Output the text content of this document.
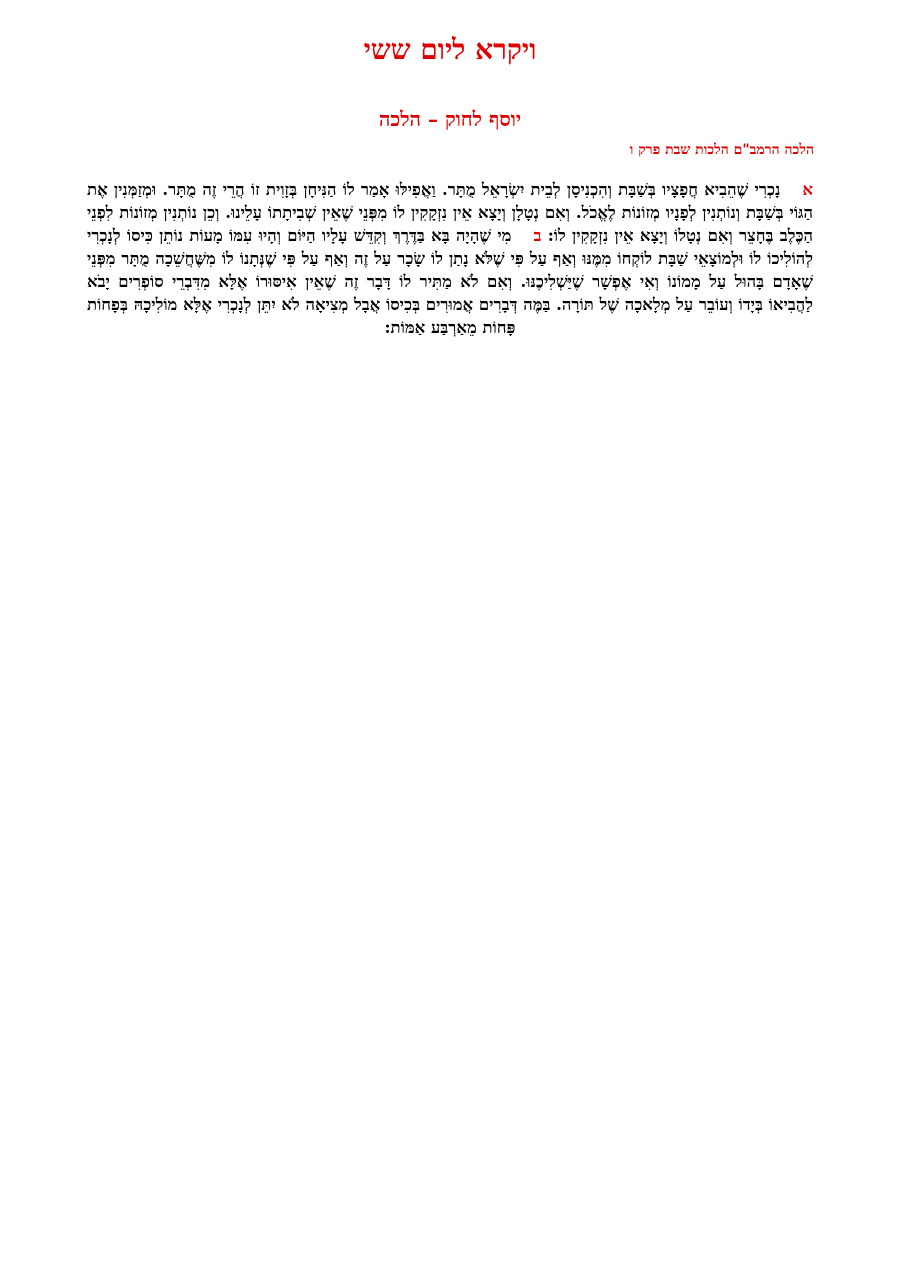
ויקרא ליום ששי
יוסף לחוק – הלכה
הלכה הרמב"ם הלכות שבת פרק ו

אנָכְרִי שֶׁהֵבִיא חֲפָצָיו בְּשַׁבָּת וְהִכְנִיסָן לְבֵית יִשְׂרָאֵל מֻתָּר. וַאֲפִילּוּ אָמַר לוֹ הַנִּיחָן בְּזָוִית זוֹ הֲרֵי זֶה מֻתָּר. וּמְזַמְּנִין אֶת הַגּוֹי בְּשַׁבָּת וְנוֹתְנִין לְפָנָיו מְזוֹנוֹת לֶאֱכֹל. וְאִם נְטָלָן וְיָצָא אֵין נִזְקָקִין לוֹ מִפְּנֵי שֶׁאֵין שְׁבִיתָתוֹ עָלֵינוּ. וְכֵן נוֹתְנִין מְזוֹנוֹת לִפְנֵי הַכֶּלֶב בֶּחָצֵר וְאִם נְטָלוֹ וְיָצָא אֵין נִזְקָקִין לוֹ: במִי שֶׁהָיָה בָּא בַּדֶּרֶךְ וְקִדֵּשׁ עָלָיו הַיּוֹם וְהָיוּ עִמּוֹ מָעוֹת נוֹתֵן כִּיסוֹ לְנָכְרִי לְהוֹלִיכוֹ לוֹ וּלְמוֹצָאֵי שַׁבָּת לוֹקְחוֹ מִמֶּנּוּ וְאַף עַל פִּי שֶׁלֹּא נָתַן לוֹ שָׂכָר עַל זֶה וְאַף עַל פִּי שֶׁנְּתָנוֹ לוֹ מִשֶּׁחֲשֵׁכָה מֻתָּר מִפְּנֵי שֶׁאָדָם בָּהוּל עַל מָמוֹנוֹ וְאִי אֶפְשָׁר שֶׁיַּשְׁלִיכֶנּוּ. וְאִם לֹא מַתִּיר לוֹ דָּבָר זֶה שֶׁאֵין אִיסּוּרוֹ אֶלָּא מִדִּבְרֵי סוֹפְרִים יָבֹא לַהֲבִיאוֹ בְּיָדוֹ וְעוֹבֵר עַל מְלָאכָה שֶׁל תּוֹרָה. בַּמֶּה דְּבָרִים אֲמוּרִים בְּכִיסוֹ אֲבָל מְצִיאָה לֹא יִתֵּן לְנָכְרִי אֶלָּא מוֹלִיכָהּ בְּפָחוֹת פָּחוֹת מֵאַרְבַּע אַמּוֹת:
